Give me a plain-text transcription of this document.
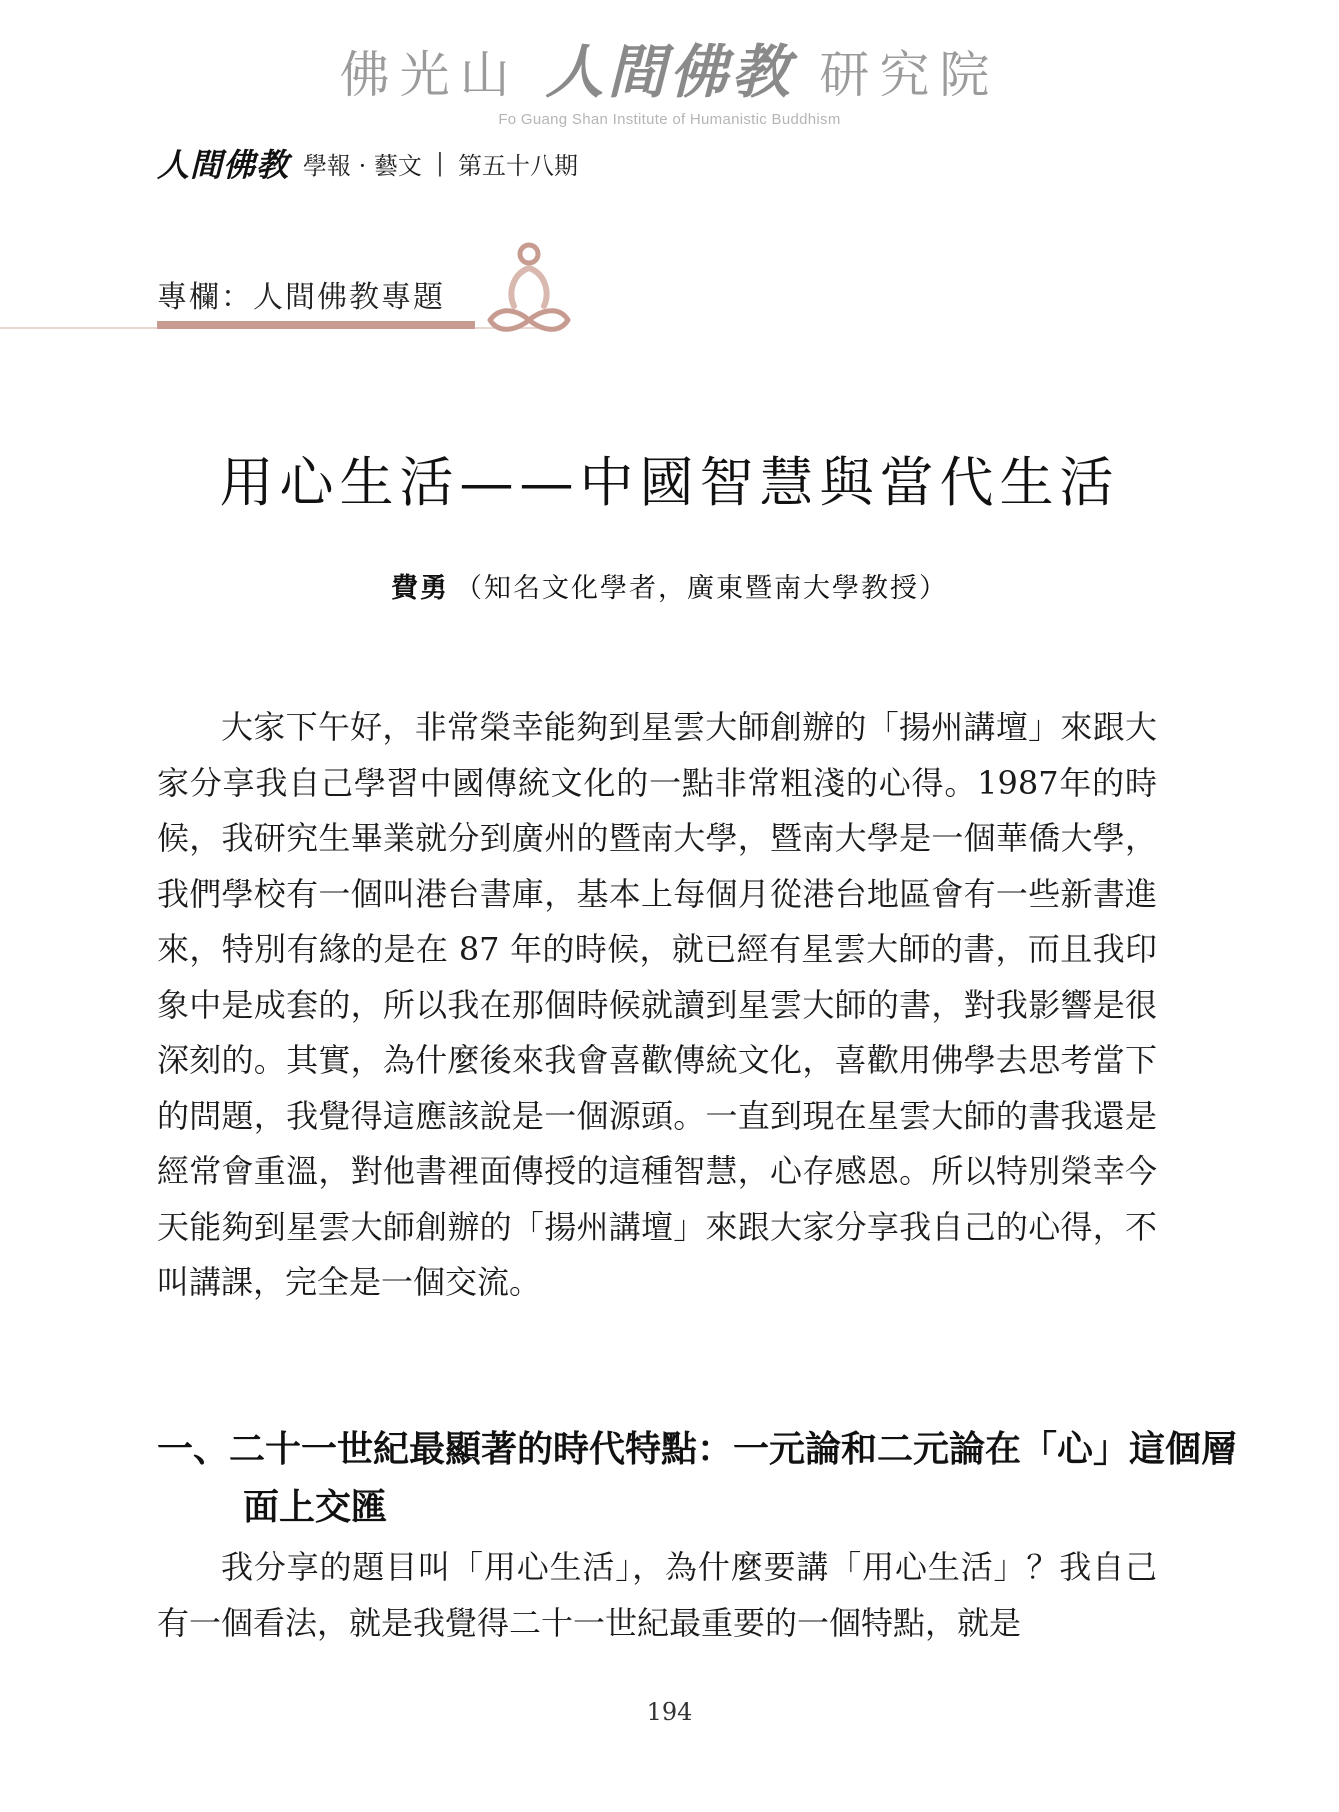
佛光山 人間佛教 研究院
Fo Guang Shan Institute of Humanistic Buddhism
人間佛教 學報 · 藝文 | 第五十八期
專欄：人間佛教專題
用心生活——中國智慧與當代生活
費勇 （知名文化學者，廣東暨南大學教授）

大家下午好，非常榮幸能夠到星雲大師創辦的「揚州講壇」來跟大家分享我自己學習中國傳統文化的一點非常粗淺的心得。1987年的時候，我研究生畢業就分到廣州的暨南大學，暨南大學是一個華僑大學，我們學校有一個叫港台書庫，基本上每個月從港台地區會有一些新書進來，特別有緣的是在 87 年的時候，就已經有星雲大師的書，而且我印象中是成套的，所以我在那個時候就讀到星雲大師的書，對我影響是很深刻的。其實，為什麼後來我會喜歡傳統文化，喜歡用佛學去思考當下的問題，我覺得這應該說是一個源頭。一直到現在星雲大師的書我還是經常會重溫，對他書裡面傳授的這種智慧，心存感恩。所以特別榮幸今天能夠到星雲大師創辦的「揚州講壇」來跟大家分享我自己的心得，不叫講課，完全是一個交流。

一、二十一世紀最顯著的時代特點：一元論和二元論在「心」這個層面上交匯

我分享的題目叫「用心生活」，為什麼要講「用心生活」？我自己有一個看法，就是我覺得二十一世紀最重要的一個特點，就是

194
